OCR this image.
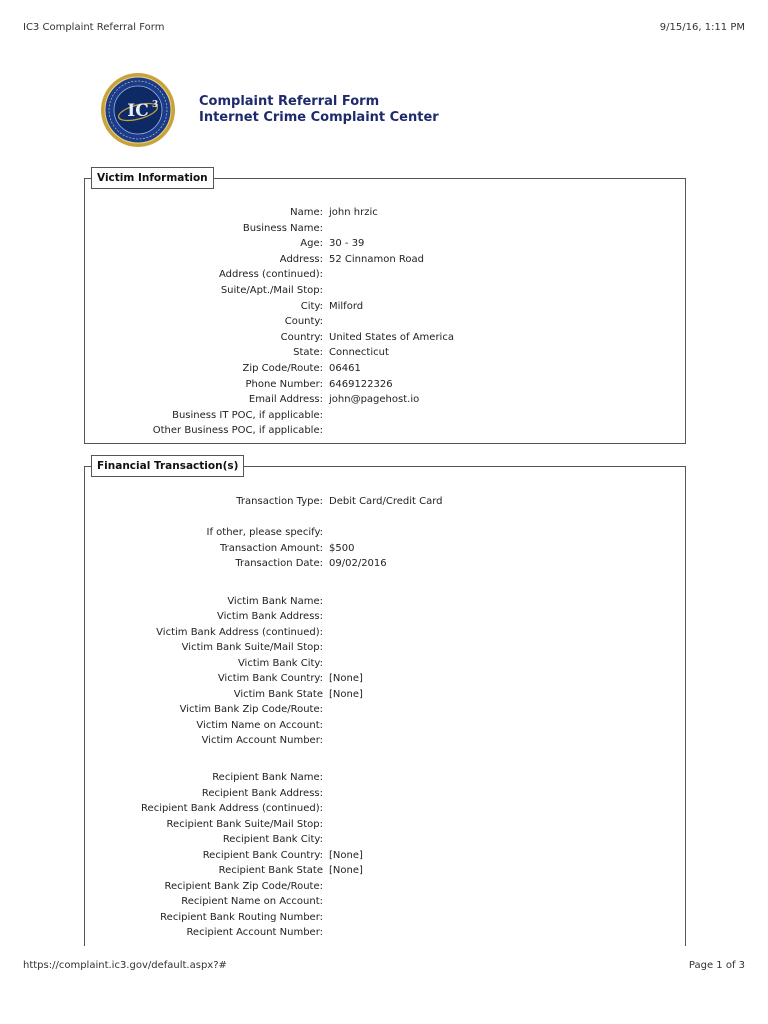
IC3 Complaint Referral Form	9/15/16, 1:11 PM
IC 3	Complaint Referral Form
Internet Crime Complaint Center
Victim Information
Name: john hrzic
Business Name:
Age: 30 - 39
Address: 52 Cinnamon Road
Address (continued):
Suite/Apt./Mail Stop:
City: Milford
County:
Country: United States of America
State: Connecticut
Zip Code/Route: 06461
Phone Number: 6469122326
Email Address: john@pagehost.io
Business IT POC, if applicable:
Other Business POC, if applicable:
Financial Transaction(s)
Transaction Type: Debit Card/Credit Card
If other, please specify:
Transaction Amount: $500
Transaction Date: 09/02/2016
Victim Bank Name:
Victim Bank Address:
Victim Bank Address (continued):
Victim Bank Suite/Mail Stop:
Victim Bank City:
Victim Bank Country: [None]
Victim Bank State [None]
Victim Bank Zip Code/Route:
Victim Name on Account:
Victim Account Number:
Recipient Bank Name:
Recipient Bank Address:
Recipient Bank Address (continued):
Recipient Bank Suite/Mail Stop:
Recipient Bank City:
Recipient Bank Country: [None]
Recipient Bank State [None]
Recipient Bank Zip Code/Route:
Recipient Name on Account:
Recipient Bank Routing Number:
Recipient Account Number:
https://complaint.ic3.gov/default.aspx?#	Page 1 of 3
